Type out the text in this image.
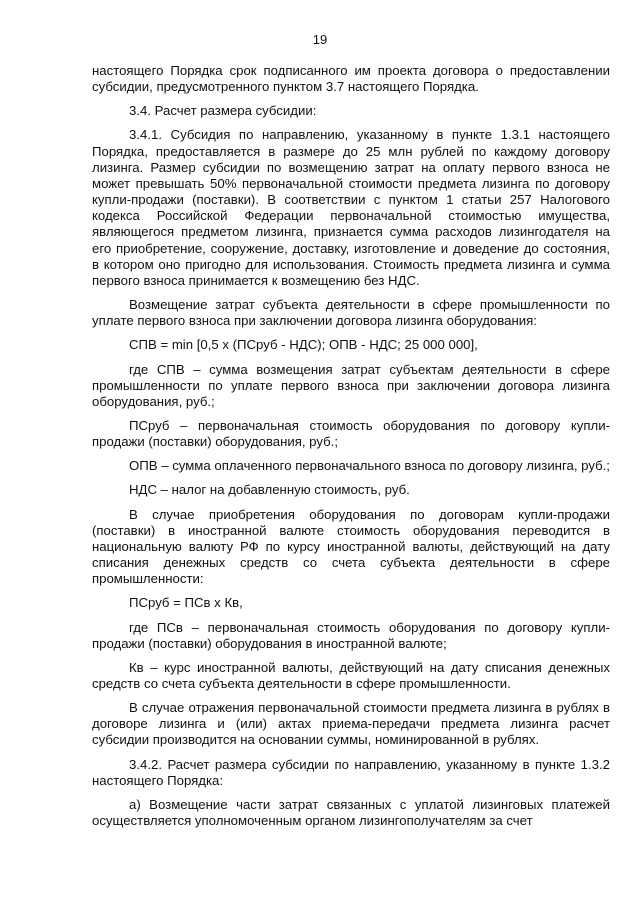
19

настоящего Порядка срок подписанного им проекта договора о предоставлении субсидии, предусмотренного пунктом 3.7 настоящего Порядка.

3.4. Расчет размера субсидии:

3.4.1. Субсидия по направлению, указанному в пункте 1.3.1 настоящего Порядка, предоставляется в размере до 25 млн рублей по каждому договору лизинга. Размер субсидии по возмещению затрат на оплату первого взноса не может превышать 50% первоначальной стоимости предмета лизинга по договору купли-продажи (поставки). В соответствии с пунктом 1 статьи 257 Налогового кодекса Российской Федерации первоначальной стоимостью имущества, являющегося предметом лизинга, признается сумма расходов лизингодателя на его приобретение, сооружение, доставку, изготовление и доведение до состояния, в котором оно пригодно для использования. Стоимость предмета лизинга и сумма первого взноса принимается к возмещению без НДС.

Возмещение затрат субъекта деятельности в сфере промышленности по уплате первого взноса при заключении договора лизинга оборудования:

СПВ = min [0,5 x (ПСруб - НДС); ОПВ - НДС; 25 000 000],

где СПВ – сумма возмещения затрат субъектам деятельности в сфере промышленности по уплате первого взноса при заключении договора лизинга оборудования, руб.;

ПСруб – первоначальная стоимость оборудования по договору купли-продажи (поставки) оборудования, руб.;

ОПВ – сумма оплаченного первоначального взноса по договору лизинга, руб.;

НДС – налог на добавленную стоимость, руб.

В случае приобретения оборудования по договорам купли-продажи (поставки) в иностранной валюте стоимость оборудования переводится в национальную валюту РФ по курсу иностранной валюты, действующий на дату списания денежных средств со счета субъекта деятельности в сфере промышленности:

ПСруб = ПСв x Кв,

где ПСв – первоначальная стоимость оборудования по договору купли-продажи (поставки) оборудования в иностранной валюте;

Кв – курс иностранной валюты, действующий на дату списания денежных средств со счета субъекта деятельности в сфере промышленности.

В случае отражения первоначальной стоимости предмета лизинга в рублях в договоре лизинга и (или) актах приема-передачи предмета лизинга расчет субсидии производится на основании суммы, номинированной в рублях.

3.4.2. Расчет размера субсидии по направлению, указанному в пункте 1.3.2 настоящего Порядка:

а) Возмещение части затрат связанных с уплатой лизинговых платежей осуществляется уполномоченным органом лизингополучателям за счет
